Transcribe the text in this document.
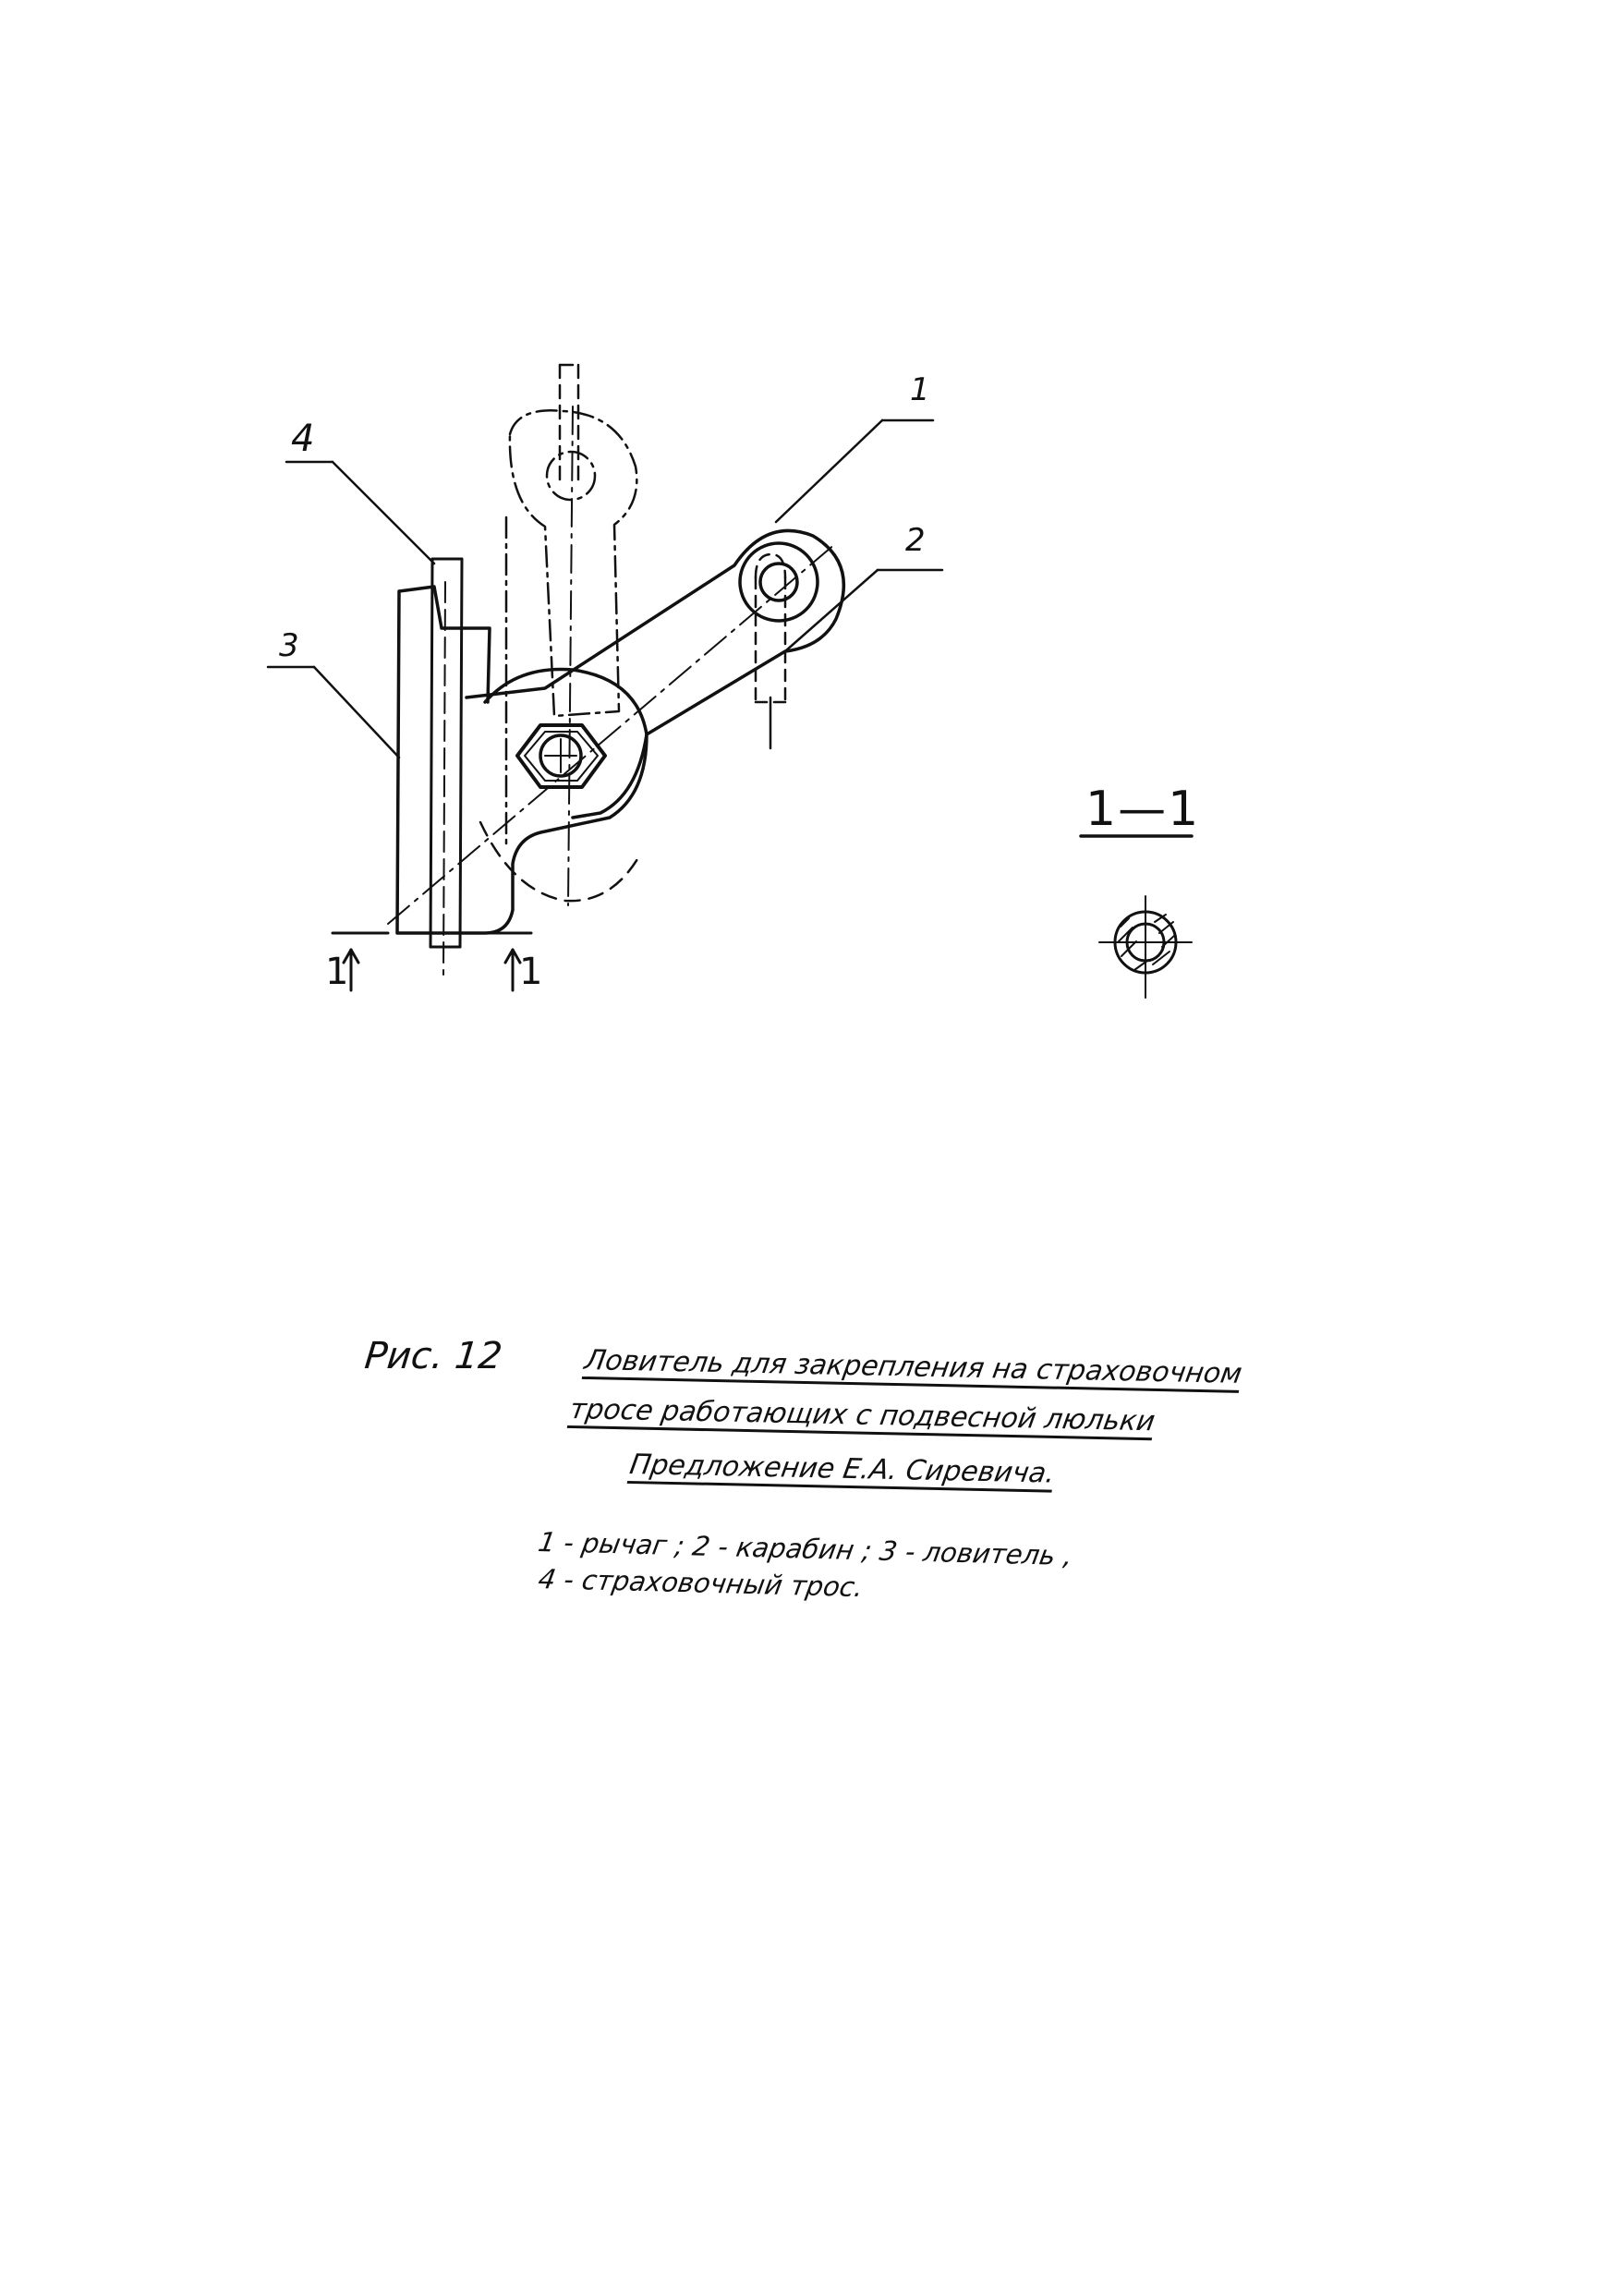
1
2
3
4
1—1
1	1
Рис. 12	Ловитель для закрепления на страховочном
тросе работающих с подвесной люльки
Предложение Е.А. Сиревича.
1 - рычаг ; 2 - карабин ; 3 - ловитель ,
4 - страховочный трос.
